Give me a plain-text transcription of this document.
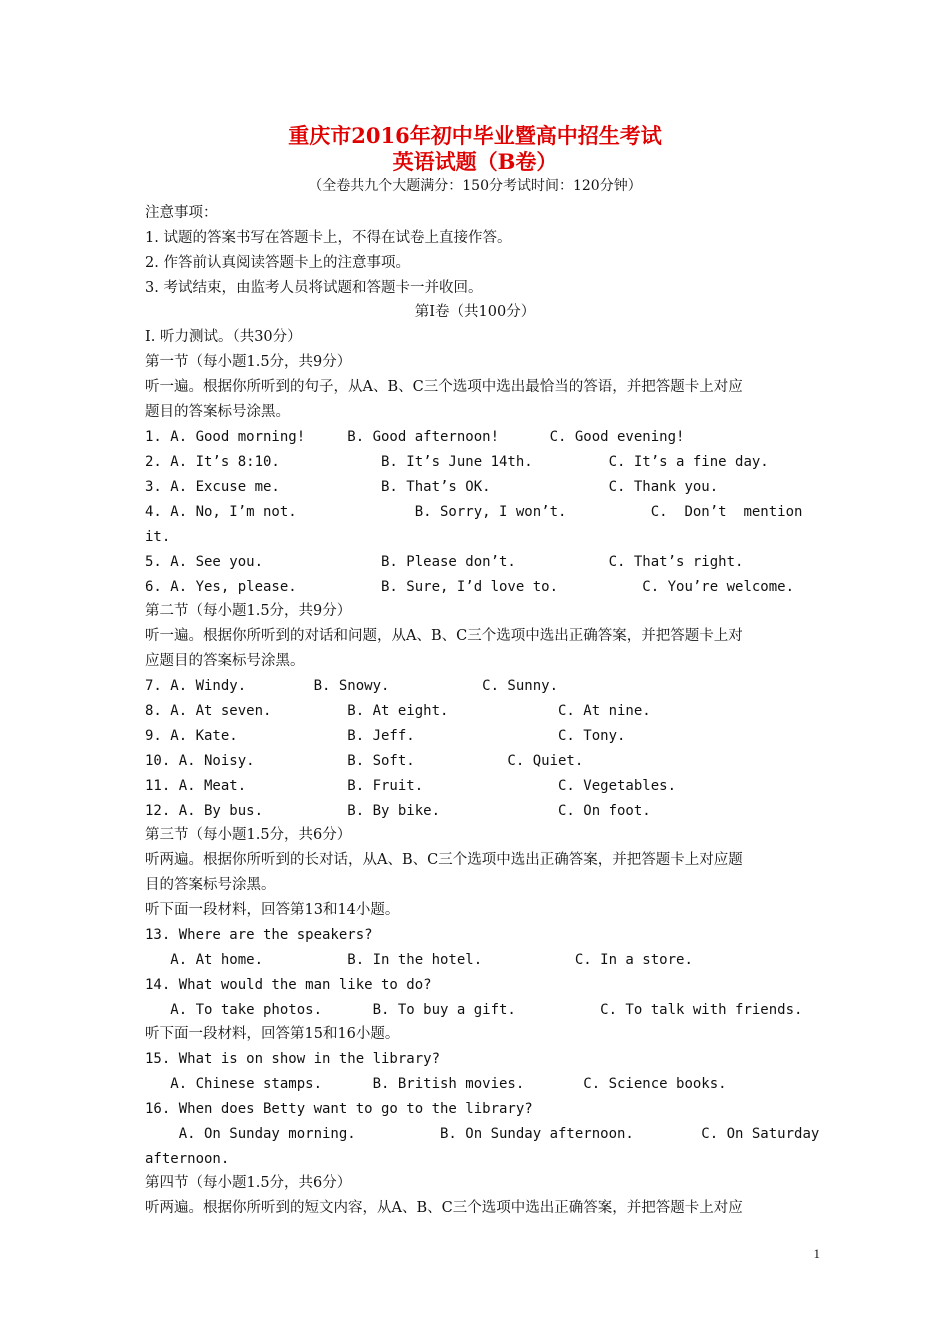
重庆市2016年初中毕业暨高中招生考试
英语试题（B卷）
（全卷共九个大题满分：150分考试时间：120分钟）
注意事项：
1. 试题的答案书写在答题卡上，不得在试卷上直接作答。
2. 作答前认真阅读答题卡上的注意事项。
3. 考试结束，由监考人员将试题和答题卡一并收回。
第Ⅰ卷（共100分）
Ⅰ. 听力测试。（共30分）
第一节（每小题1.5分，共9分）
听一遍。根据你所听到的句子，从A、B、C三个选项中选出最恰当的答语，并把答题卡上对应
题目的答案标号涂黑。
1. A. Good morning!     B. Good afternoon!      C. Good evening!
2. A. It’s 8:10.            B. It’s June 14th.         C. It’s a fine day.
3. A. Excuse me.            B. That’s OK.              C. Thank you.
4. A. No, I’m not.              B. Sorry, I won’t.          C.  Don’t  mention
it.
5. A. See you.              B. Please don’t.           C. That’s right.
6. A. Yes, please.          B. Sure, I’d love to.          C. You’re welcome.
第二节（每小题1.5分，共9分）
听一遍。根据你所听到的对话和问题，从A、B、C三个选项中选出正确答案，并把答题卡上对
应题目的答案标号涂黑。
7. A. Windy.        B. Snowy.           C. Sunny.
8. A. At seven.         B. At eight.             C. At nine.
9. A. Kate.             B. Jeff.                 C. Tony.
10. A. Noisy.           B. Soft.           C. Quiet.
11. A. Meat.            B. Fruit.                C. Vegetables.
12. A. By bus.          B. By bike.              C. On foot.
第三节（每小题1.5分，共6分）
听两遍。根据你所听到的长对话，从A、B、C三个选项中选出正确答案，并把答题卡上对应题
目的答案标号涂黑。
听下面一段材料，回答第13和14小题。
13. Where are the speakers?
A. At home.          B. In the hotel.           C. In a store.
14. What would the man like to do?
A. To take photos.      B. To buy a gift.          C. To talk with friends.
听下面一段材料，回答第15和16小题。
15. What is on show in the library?
A. Chinese stamps.      B. British movies.       C. Science books.
16. When does Betty want to go to the library?
A. On Sunday morning.          B. On Sunday afternoon.        C. On Saturday
afternoon.
第四节（每小题1.5分，共6分）
听两遍。根据你所听到的短文内容，从A、B、C三个选项中选出正确答案，并把答题卡上对应
1
